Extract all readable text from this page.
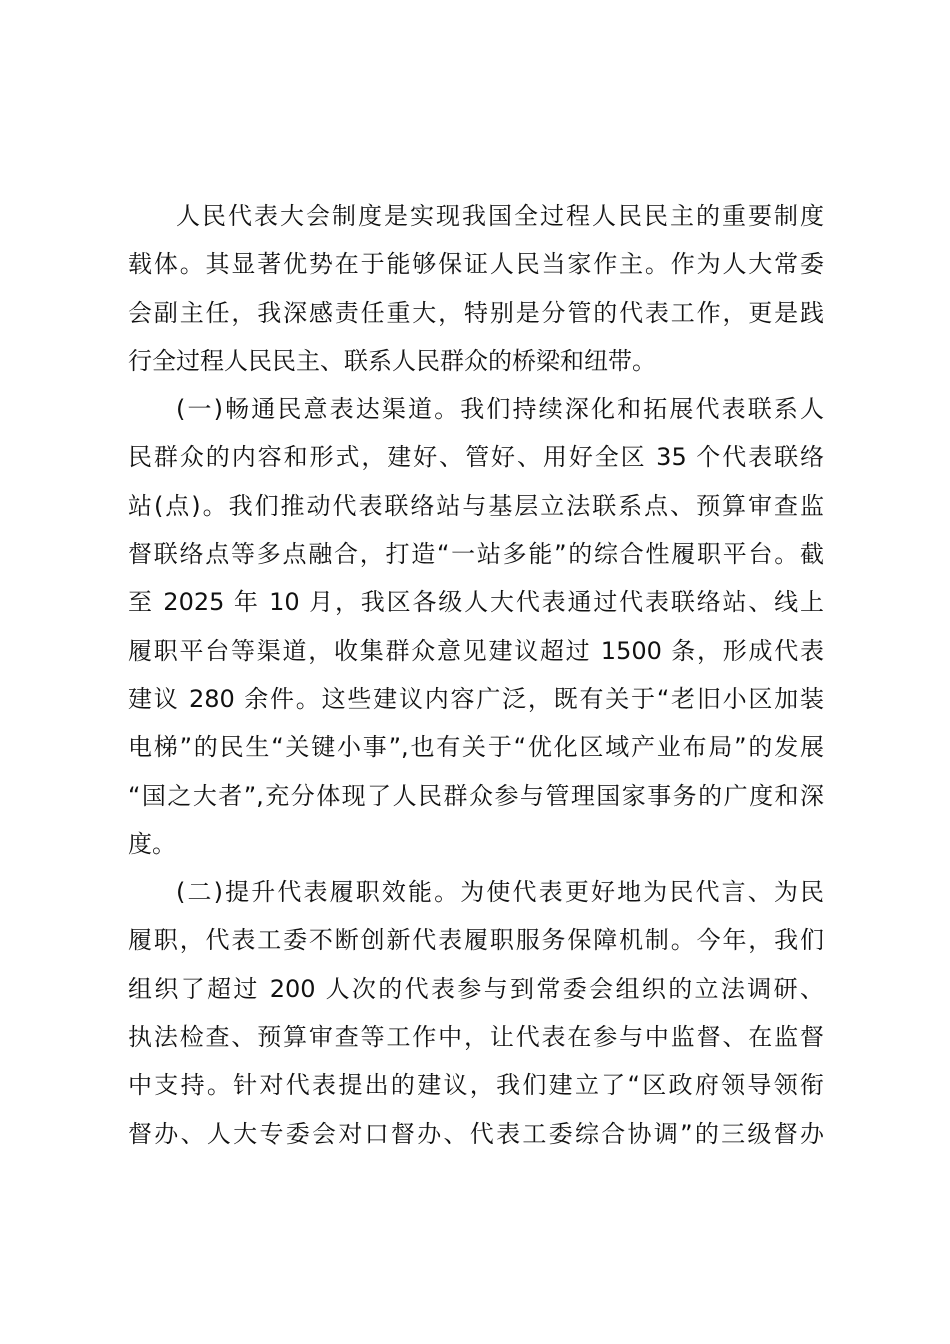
人民代表大会制度是实现我国全过程人民民主的重要制度
载体。其显著优势在于能够保证人民当家作主。作为人大常委
会副主任，我深感责任重大，特别是分管的代表工作，更是践
行全过程人民民主、联系人民群众的桥梁和纽带。
(一)畅通民意表达渠道。我们持续深化和拓展代表联系人
民群众的内容和形式，建好、管好、用好全区 35 个代表联络
站(点)。我们推动代表联络站与基层立法联系点、预算审查监
督联络点等多点融合，打造“一站多能”的综合性履职平台。截
至 2025 年 10 月，我区各级人大代表通过代表联络站、线上
履职平台等渠道，收集群众意见建议超过 1500 条，形成代表
建议 280 余件。这些建议内容广泛，既有关于“老旧小区加装
电梯”的民生“关键小事”,也有关于“优化区域产业布局”的发展
“国之大者”,充分体现了人民群众参与管理国家事务的广度和深
度。
(二)提升代表履职效能。为使代表更好地为民代言、为民
履职，代表工委不断创新代表履职服务保障机制。今年，我们
组织了超过 200 人次的代表参与到常委会组织的立法调研、
执法检查、预算审查等工作中，让代表在参与中监督、在监督
中支持。针对代表提出的建议，我们建立了“区政府领导领衔
督办、人大专委会对口督办、代表工委综合协调”的三级督办
